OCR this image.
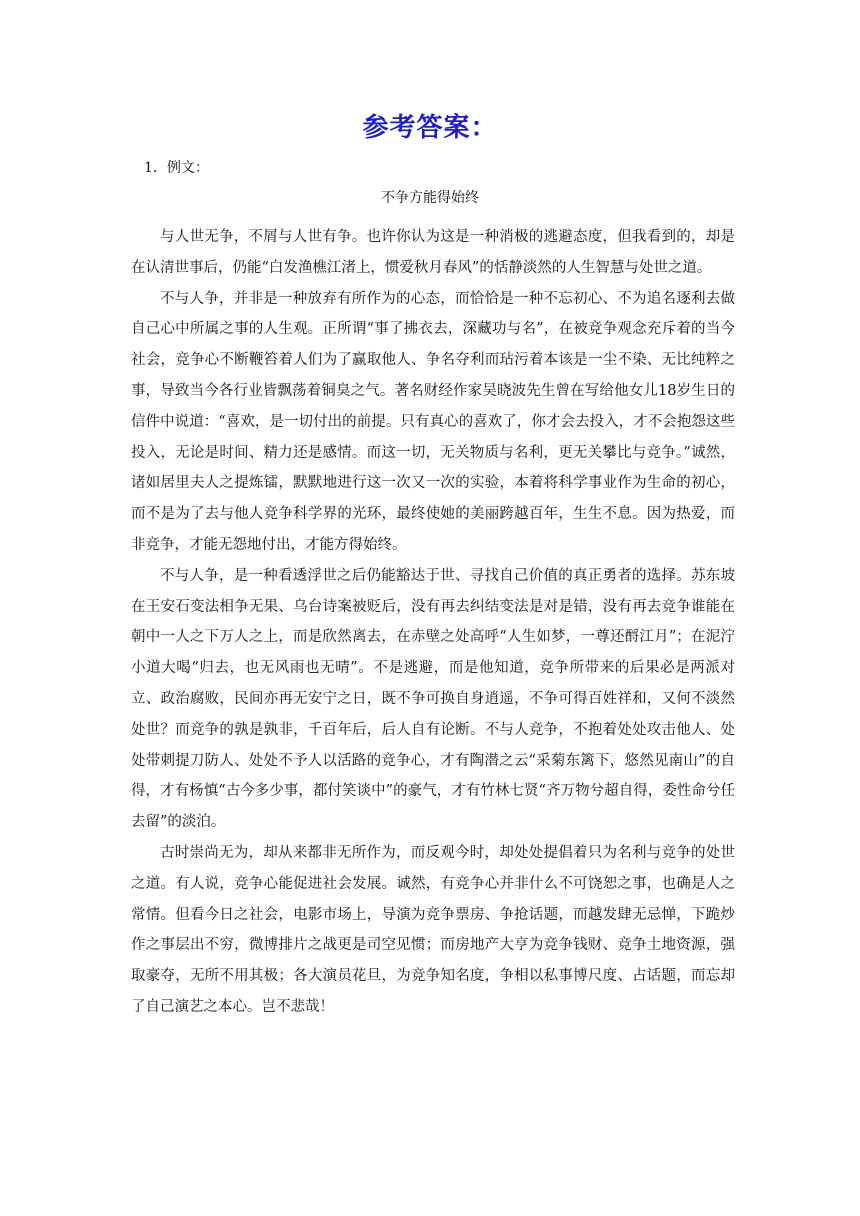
参考答案：
1．例文：
不争方能得始终

与人世无争，不屑与人世有争。也许你认为这是一种消极的逃避态度，但我看到的，却是在认清世事后，仍能“白发渔樵江渚上，惯爱秋月春风”的恬静淡然的人生智慧与处世之道。

不与人争，并非是一种放弃有所作为的心态，而恰恰是一种不忘初心、不为追名逐利去做自己心中所属之事的人生观。正所谓“事了拂衣去，深藏功与名”，在被竞争观念充斥着的当今社会，竞争心不断鞭笞着人们为了赢取他人、争名夺利而玷污着本该是一尘不染、无比纯粹之事，导致当今各行业皆飘荡着铜臭之气。著名财经作家吴晓波先生曾在写给他女儿18岁生日的信件中说道：“喜欢，是一切付出的前提。只有真心的喜欢了，你才会去投入，才不会抱怨这些投入，无论是时间、精力还是感情。而这一切，无关物质与名利，更无关攀比与竞争。”诚然，诸如居里夫人之提炼镭，默默地进行这一次又一次的实验，本着将科学事业作为生命的初心，而不是为了去与他人竞争科学界的光环，最终使她的美丽跨越百年，生生不息。因为热爱，而非竞争，才能无怨地付出，才能方得始终。

不与人争，是一种看透浮世之后仍能豁达于世、寻找自己价值的真正勇者的选择。苏东坡在王安石变法相争无果、乌台诗案被贬后，没有再去纠结变法是对是错，没有再去竞争谁能在朝中一人之下万人之上，而是欣然离去，在赤壁之处高呼“人生如梦，一尊还酹江月”；在泥泞小道大喝“归去，也无风雨也无晴”。不是逃避，而是他知道，竞争所带来的后果必是两派对立、政治腐败，民间亦再无安宁之日，既不争可换自身逍遥，不争可得百姓祥和，又何不淡然处世？而竞争的孰是孰非，千百年后，后人自有论断。不与人竞争，不抱着处处攻击他人、处处带刺提刀防人、处处不予人以活路的竞争心，才有陶潜之云“采菊东篱下，悠然见南山”的自得，才有杨慎“古今多少事，都付笑谈中”的豪气，才有竹林七贤“齐万物兮超自得，委性命兮任去留”的淡泊。

古时崇尚无为，却从来都非无所作为，而反观今时，却处处提倡着只为名利与竞争的处世之道。有人说，竞争心能促进社会发展。诚然，有竞争心并非什么不可饶恕之事，也确是人之常情。但看今日之社会，电影市场上，导演为竞争票房、争抢话题，而越发肆无忌惮，下跪炒作之事层出不穷，微博排片之战更是司空见惯；而房地产大亨为竞争钱财、竞争土地资源，强取豪夺，无所不用其极；各大演员花旦，为竞争知名度，争相以私事博尺度、占话题，而忘却了自己演艺之本心。岂不悲哉！
